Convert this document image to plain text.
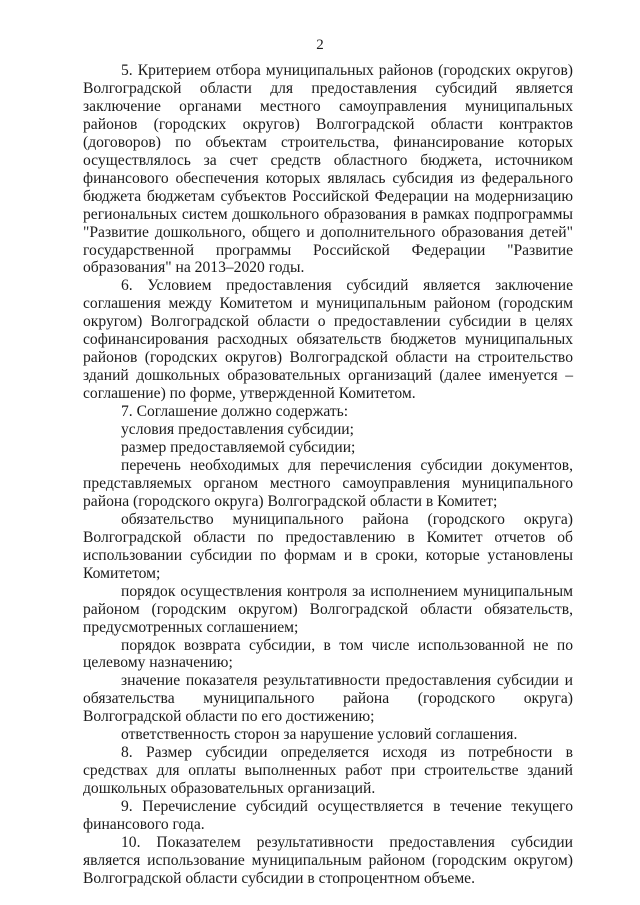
2

5. Критерием отбора муниципальных районов (городских округов) Волгоградской области для предоставления субсидий является заключение органами местного самоуправления муниципальных районов (городских округов) Волгоградской области контрактов (договоров) по объектам строительства, финансирование которых осуществлялось за счет средств областного бюджета, источником финансового обеспечения которых являлась субсидия из федерального бюджета бюджетам субъектов Российской Федерации на модернизацию региональных систем дошкольного образования в рамках подпрограммы "Развитие дошкольного, общего и дополнительного образования детей" государственной программы Российской Федерации "Развитие образования" на 2013–2020 годы.

6. Условием предоставления субсидий является заключение соглашения между Комитетом и муниципальным районом (городским округом) Волгоградской области о предоставлении субсидии в целях софинансирования расходных обязательств бюджетов муниципальных районов (городских округов) Волгоградской области на строительство зданий дошкольных образовательных организаций (далее именуется – соглашение) по форме, утвержденной Комитетом.

7. Соглашение должно содержать:

условия предоставления субсидии;

размер предоставляемой субсидии;

перечень необходимых для перечисления субсидии документов, представляемых органом местного самоуправления муниципального района (городского округа) Волгоградской области в Комитет;

обязательство муниципального района (городского округа) Волгоградской области по предоставлению в Комитет отчетов об использовании субсидии по формам и в сроки, которые установлены Комитетом;

порядок осуществления контроля за исполнением муниципальным районом (городским округом) Волгоградской области обязательств, предусмотренных соглашением;

порядок возврата субсидии, в том числе использованной не по целевому назначению;

значение показателя результативности предоставления субсидии и обязательства муниципального района (городского округа) Волгоградской области по его достижению;

ответственность сторон за нарушение условий соглашения.

8. Размер субсидии определяется исходя из потребности в средствах для оплаты выполненных работ при строительстве зданий дошкольных образовательных организаций.

9. Перечисление субсидий осуществляется в течение текущего финансового года.

10. Показателем результативности предоставления субсидии является использование муниципальным районом (городским округом) Волгоградской области субсидии в стопроцентном объеме.
